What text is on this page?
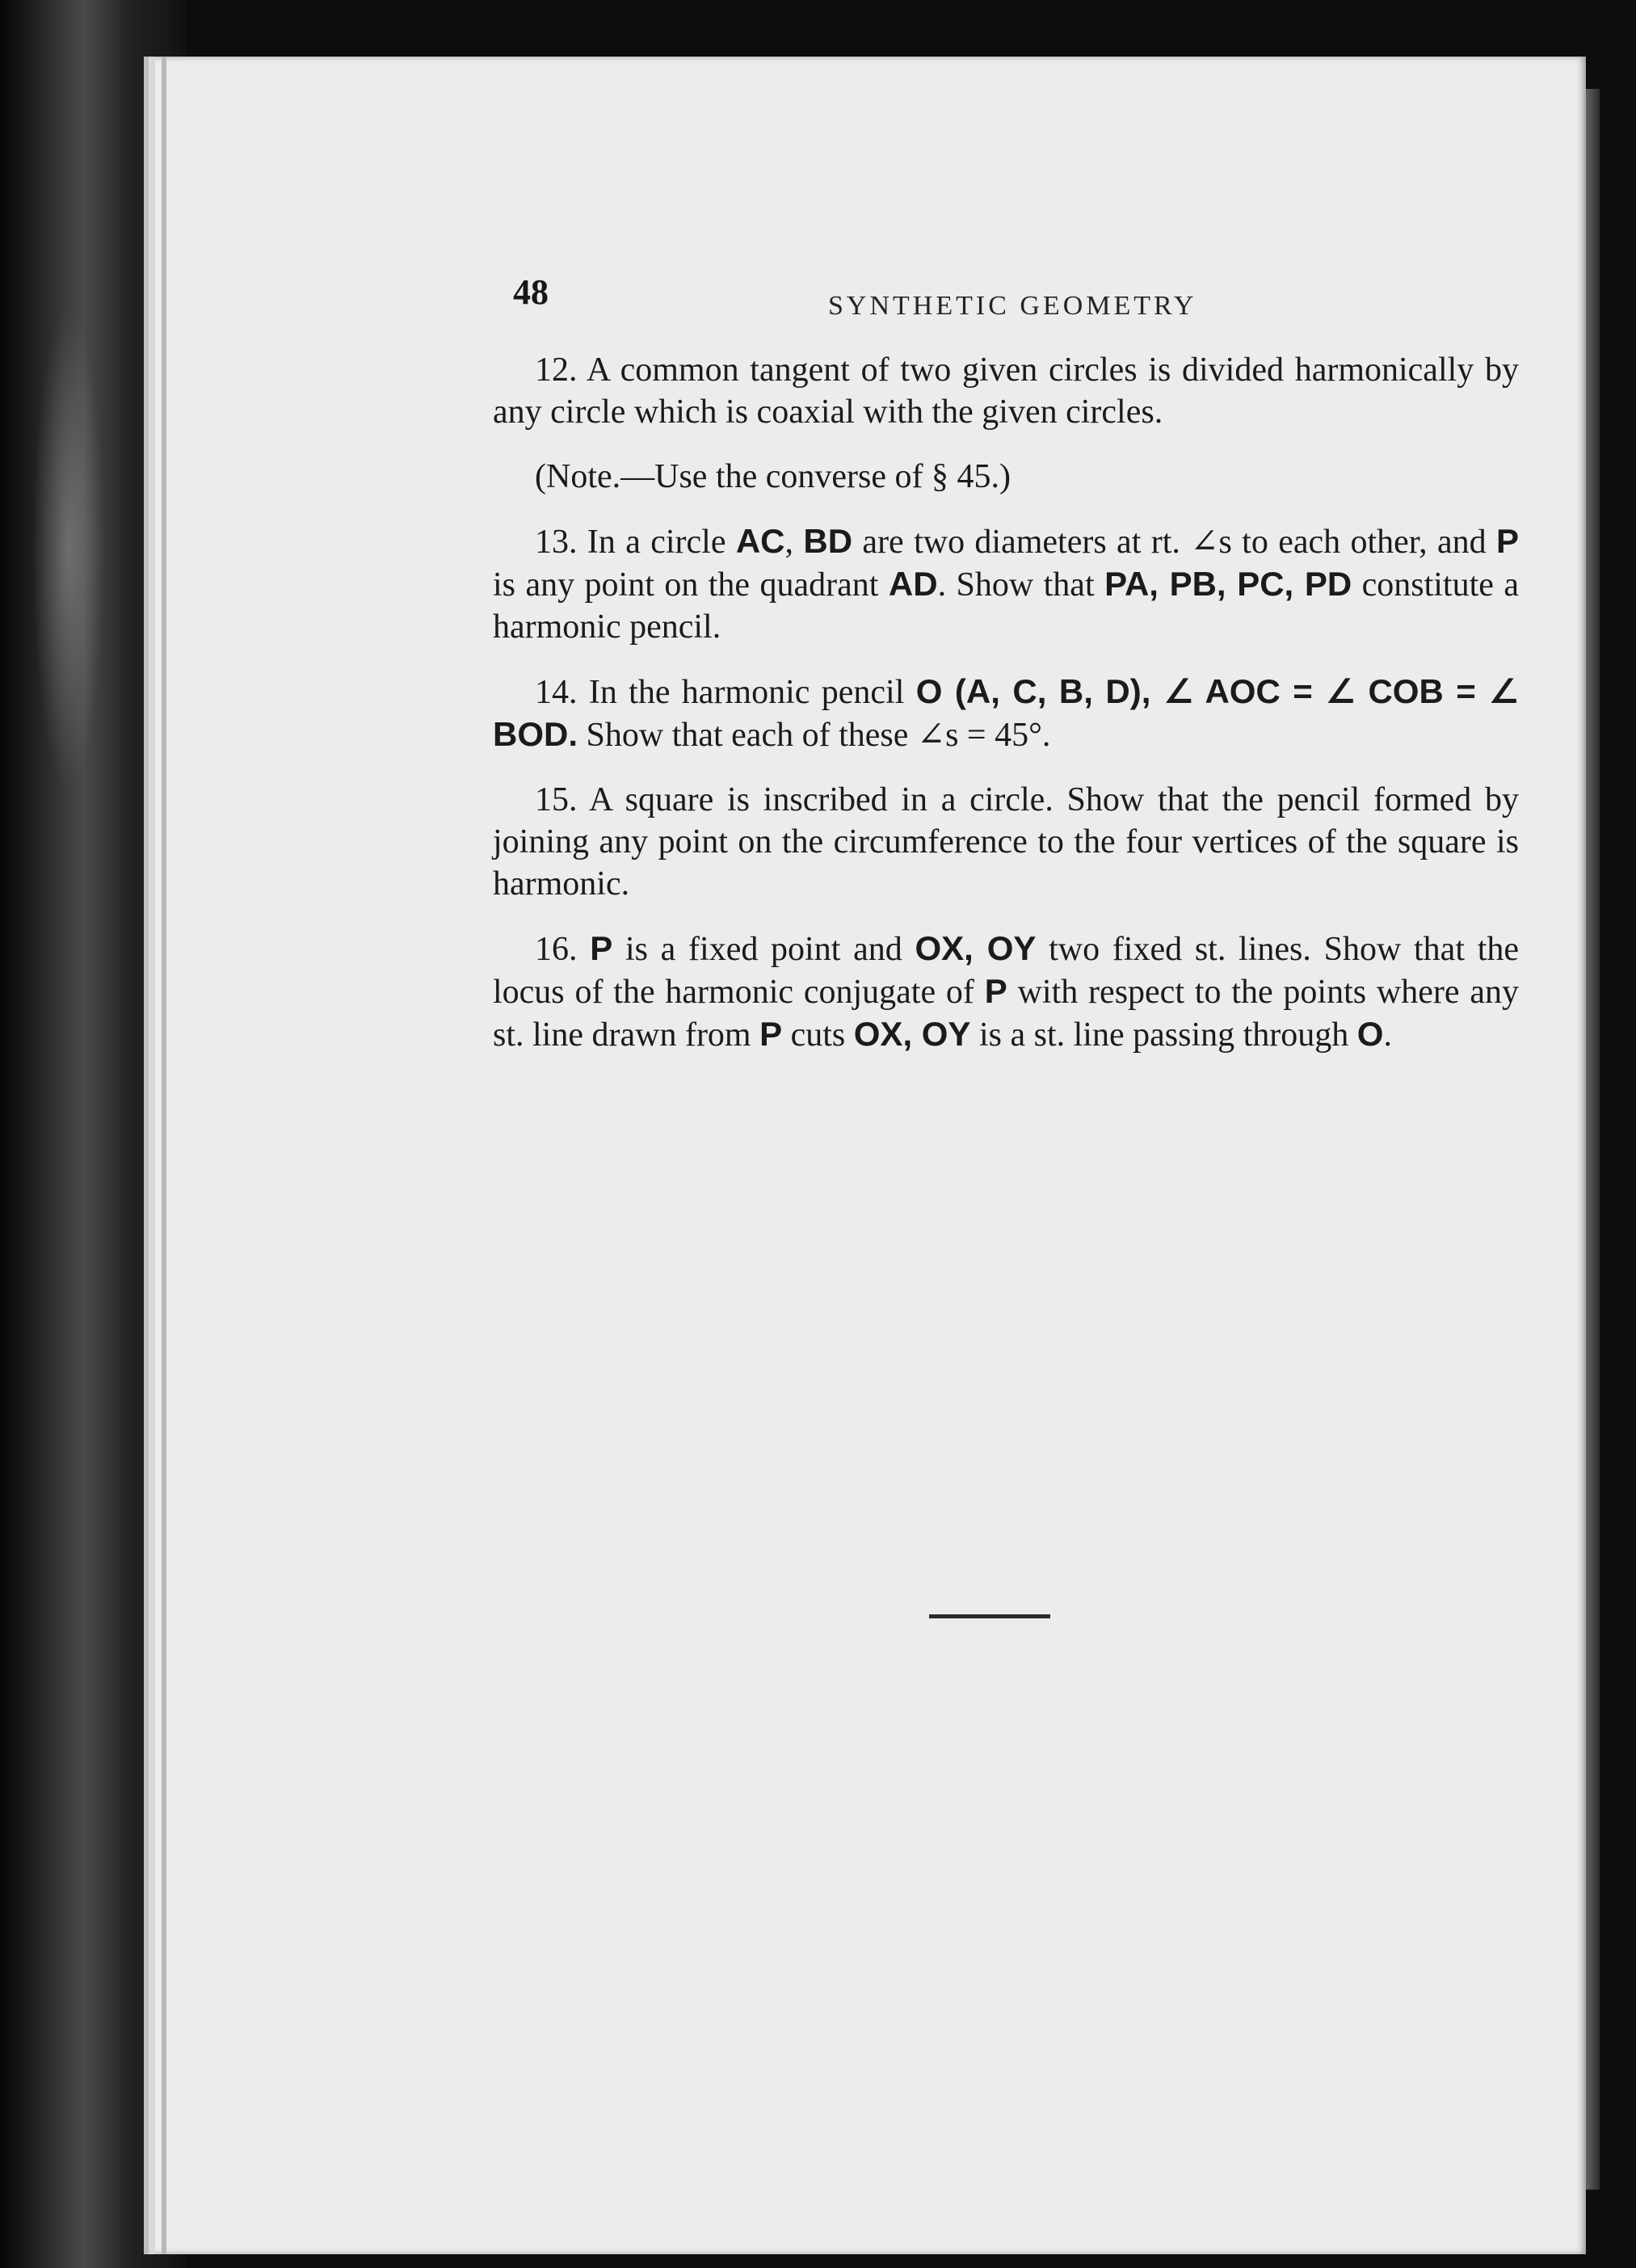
48	SYNTHETIC GEOMETRY

12. A common tangent of two given circles is divided harmonically by any circle which is coaxial with the given circles.

(Note.—Use the converse of § 45.)

13. In a circle AC, BD are two diameters at rt. ∠s to each other, and P is any point on the quadrant AD. Show that PA, PB, PC, PD constitute a harmonic pencil.

14. In the harmonic pencil O (A, C, B, D), ∠ AOC = ∠ COB = ∠ BOD. Show that each of these ∠s = 45°.

15. A square is inscribed in a circle. Show that the pencil formed by joining any point on the circumference to the four vertices of the square is harmonic.

16. P is a fixed point and OX, OY two fixed st. lines. Show that the locus of the harmonic conjugate of P with respect to the points where any st. line drawn from P cuts OX, OY is a st. line passing through O.
